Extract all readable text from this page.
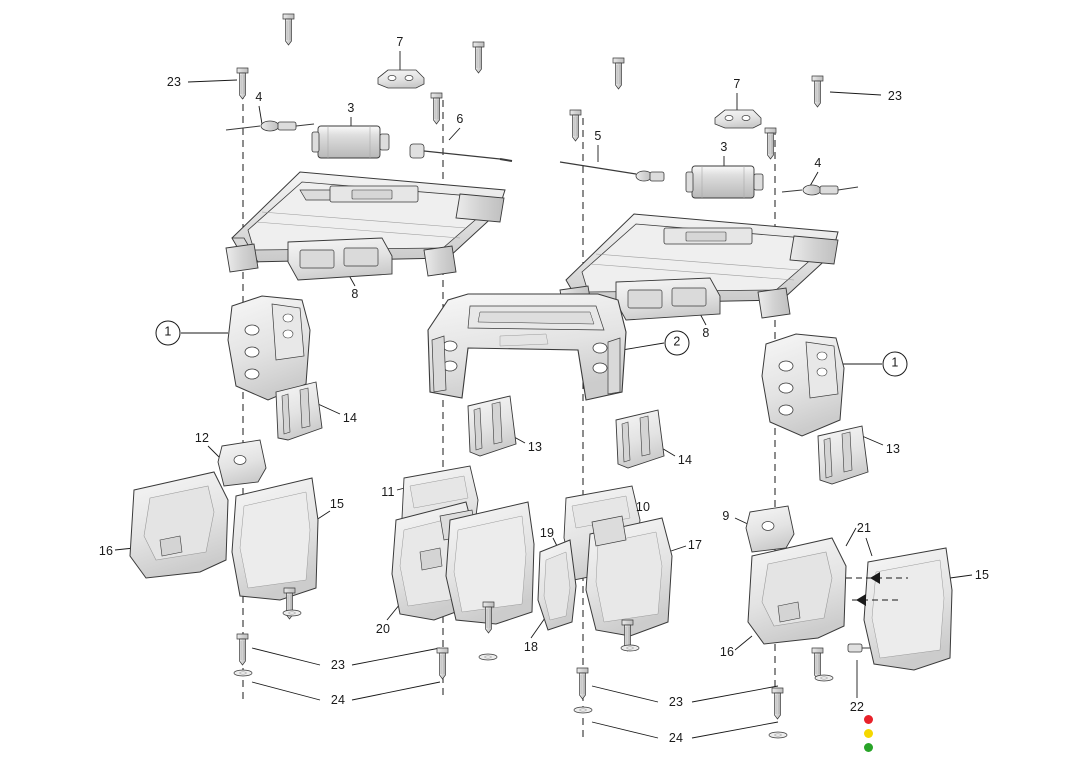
23
4
3
7
6
5
3
7
4
23
1
8
2
8
1
14
13
14
13
12
15
11
10
9
21
16
19
17
15
20
18	16
22
23
24	23
24
